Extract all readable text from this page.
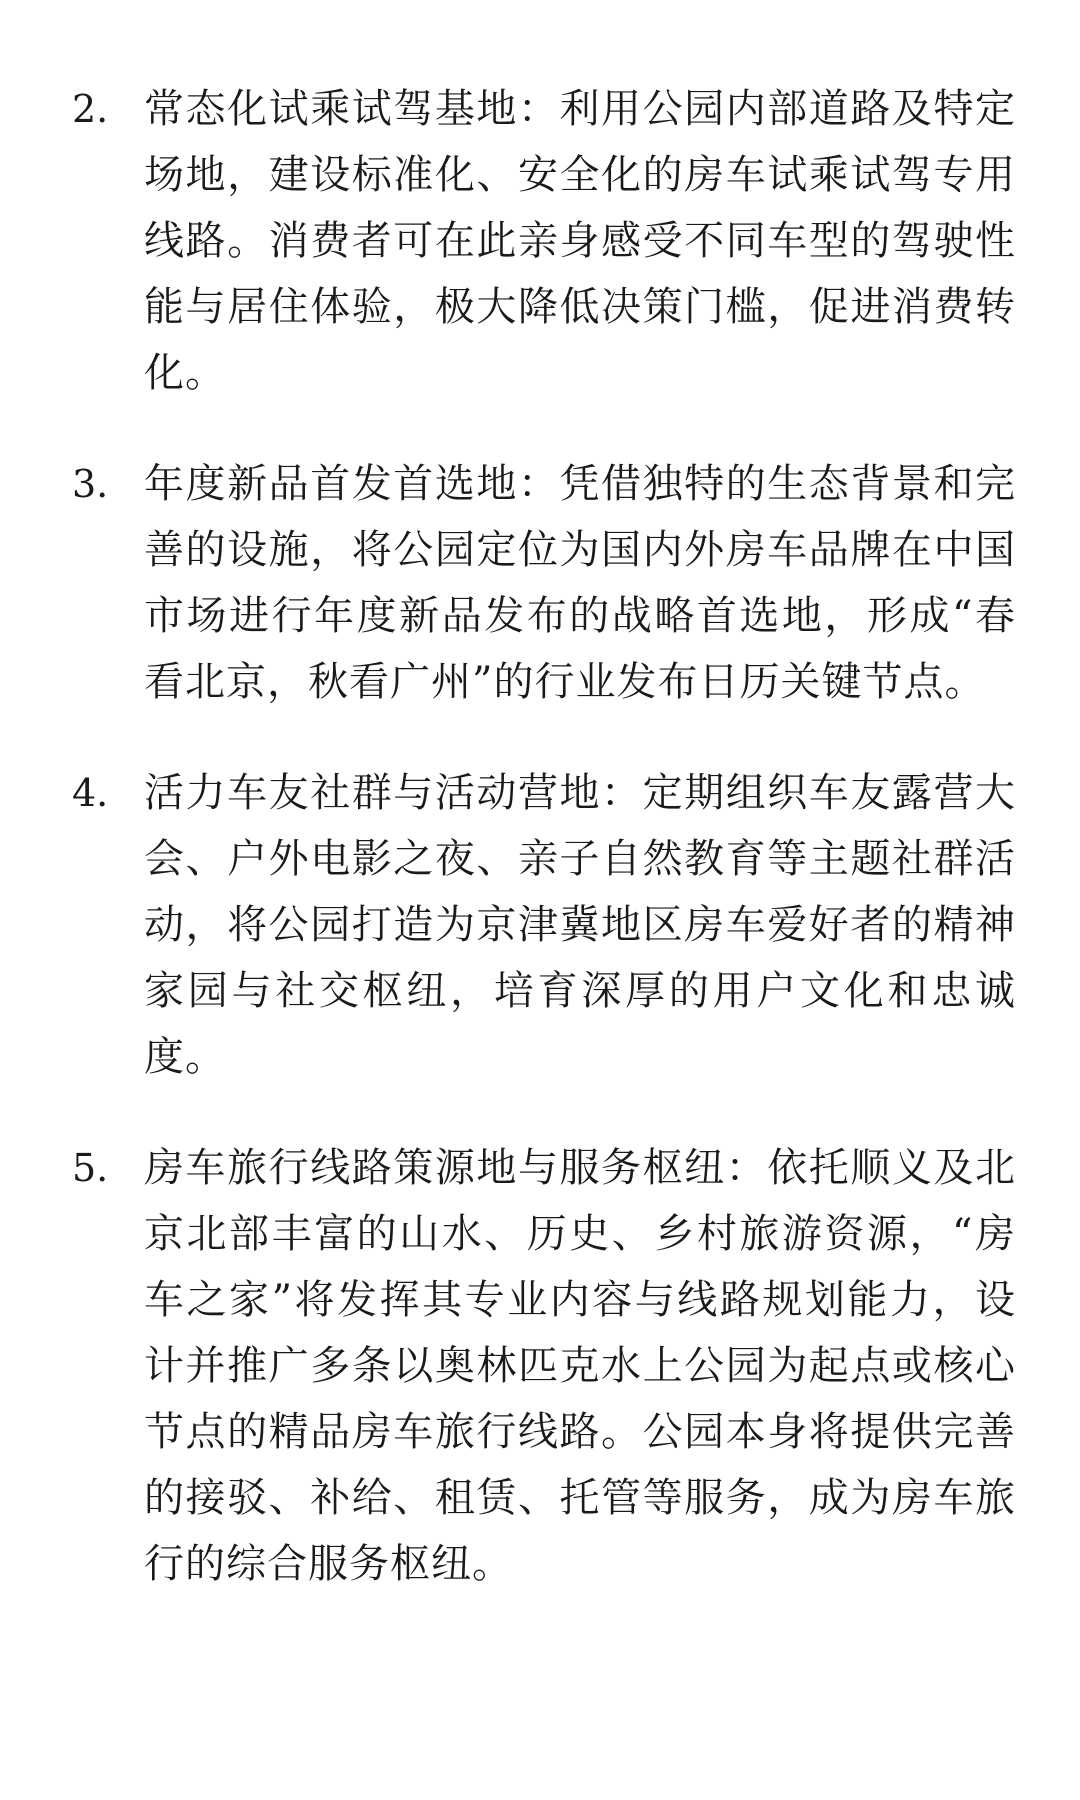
2. 常态化试乘试驾基地：利用公园内部道路及特定场地，建设标准化、安全化的房车试乘试驾专用线路。消费者可在此亲身感受不同车型的驾驶性能与居住体验，极大降低决策门槛，促进消费转化。
3. 年度新品首发首选地：凭借独特的生态背景和完善的设施，将公园定位为国内外房车品牌在中国市场进行年度新品发布的战略首选地，形成“春看北京，秋看广州”的行业发布日历关键节点。
4. 活力车友社群与活动营地：定期组织车友露营大会、户外电影之夜、亲子自然教育等主题社群活动，将公园打造为京津冀地区房车爱好者的精神家园与社交枢纽，培育深厚的用户文化和忠诚度。
5. 房车旅行线路策源地与服务枢纽：依托顺义及北京北部丰富的山水、历史、乡村旅游资源，“房车之家”将发挥其专业内容与线路规划能力，设计并推广多条以奥林匹克水上公园为起点或核心节点的精品房车旅行线路。公园本身将提供完善的接驳、补给、租赁、托管等服务，成为房车旅行的综合服务枢纽。
